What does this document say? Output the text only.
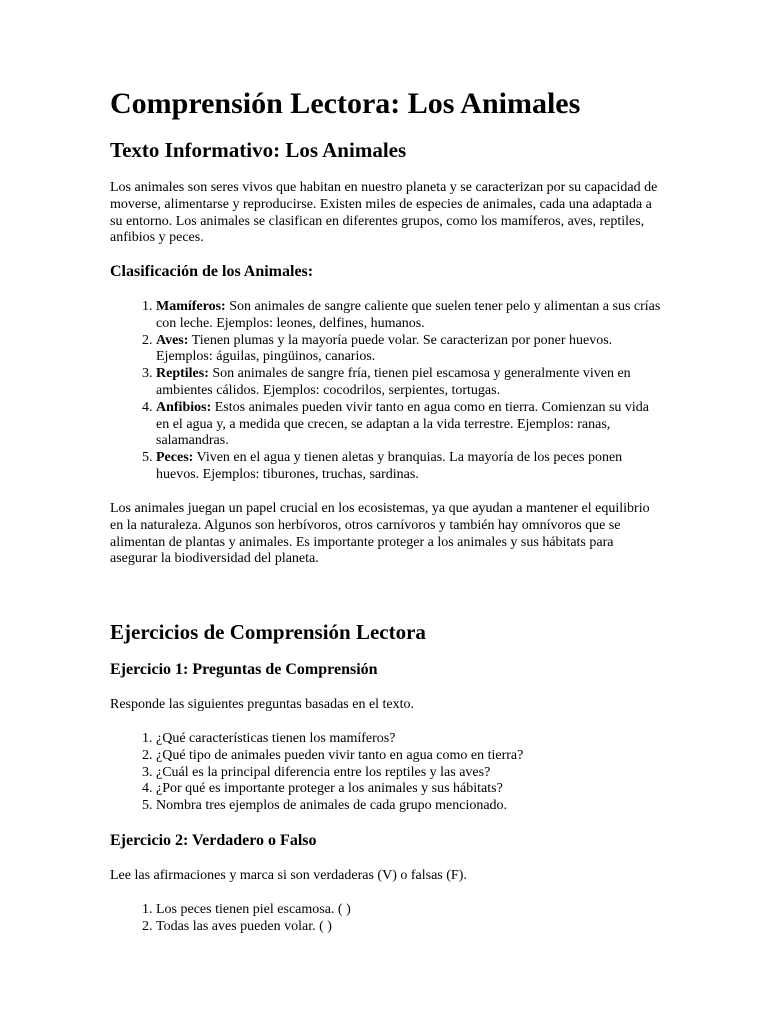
Comprensión Lectora: Los Animales
Texto Informativo: Los Animales

Los animales son seres vivos que habitan en nuestro planeta y se caracterizan por su capacidad de moverse, alimentarse y reproducirse. Existen miles de especies de animales, cada una adaptada a su entorno. Los animales se clasifican en diferentes grupos, como los mamíferos, aves, reptiles, anfibios y peces.

Clasificación de los Animales:
1. Mamíferos: Son animales de sangre caliente que suelen tener pelo y alimentan a sus crías con leche. Ejemplos: leones, delfines, humanos.
2. Aves: Tienen plumas y la mayoría puede volar. Se caracterizan por poner huevos. Ejemplos: águilas, pingüinos, canarios.
3. Reptiles: Son animales de sangre fría, tienen piel escamosa y generalmente viven en ambientes cálidos. Ejemplos: cocodrilos, serpientes, tortugas.
4. Anfibios: Estos animales pueden vivir tanto en agua como en tierra. Comienzan su vida en el agua y, a medida que crecen, se adaptan a la vida terrestre. Ejemplos: ranas, salamandras.
5. Peces: Viven en el agua y tienen aletas y branquias. La mayoría de los peces ponen huevos. Ejemplos: tiburones, truchas, sardinas.

Los animales juegan un papel crucial en los ecosistemas, ya que ayudan a mantener el equilibrio en la naturaleza. Algunos son herbívoros, otros carnívoros y también hay omnívoros que se alimentan de plantas y animales. Es importante proteger a los animales y sus hábitats para asegurar la biodiversidad del planeta.

Ejercicios de Comprensión Lectora
Ejercicio 1: Preguntas de Comprensión

Responde las siguientes preguntas basadas en el texto.

1. ¿Qué características tienen los mamíferos?
2. ¿Qué tipo de animales pueden vivir tanto en agua como en tierra?
3. ¿Cuál es la principal diferencia entre los reptiles y las aves?
4. ¿Por qué es importante proteger a los animales y sus hábitats?
5. Nombra tres ejemplos de animales de cada grupo mencionado.
Ejercicio 2: Verdadero o Falso

Lee las afirmaciones y marca si son verdaderas (V) o falsas (F).

1. Los peces tienen piel escamosa. ( )
2. Todas las aves pueden volar. ( )
